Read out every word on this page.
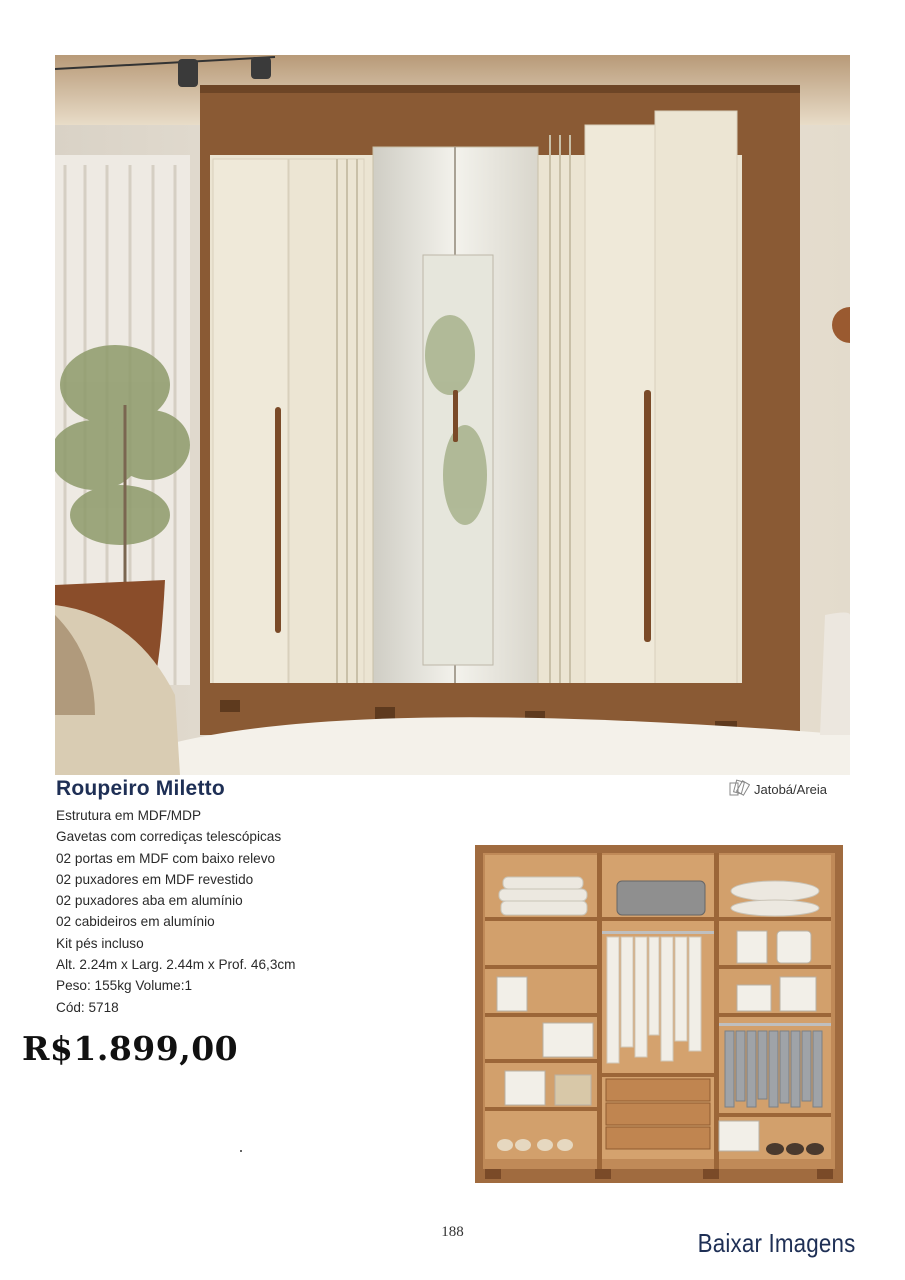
Roupeiro Miletto	Jatobá/Areia
Estrutura em MDF/MDP
Gavetas com corrediças telescópicas
02 portas em MDF com baixo relevo
02 puxadores em MDF revestido
02 puxadores aba em alumínio
02 cabideiros em alumínio
Kit pés incluso
Alt. 2.24m x Larg. 2.44m x Prof. 46,3cm
Peso: 155kg Volume:1
Cód: 5718
R$1.899,00
188	Baixar Imagens
